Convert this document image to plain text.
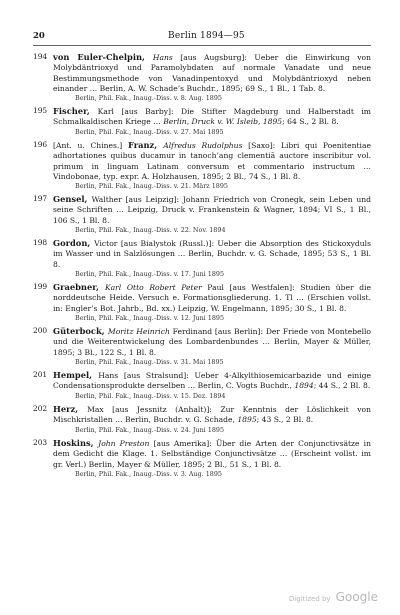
20	Berlin 1894—95
194 von Euler-Chelpin, Hans [aus Augsburg]: Ueber die Einwirkung von Molybdäntrioxyd und Paramolybdaten auf normale Vanadate und neue Bestimmungsmethode von Vanadinpentoxyd und Molybdäntrioxyd neben einander … Berlin, A. W. Schade’s Buchdr., 1895; 69 S., 1 Bl., 1 Tab. 8.
Berlin, Phil. Fak., Inaug.-Diss. v. 8. Aug. 1895
195 Fischer, Karl [aus Barby]: Die Stifter Magdeburg und Halberstadt im Schmalkaldischen Kriege … Berlin, Druck v. W. Isleib, 1895; 64 S., 2 Bl. 8.
Berlin, Phil. Fak., Inaug.-Diss. v. 27. Mai 1895
196 [Ant. u. Chines.] Franz, Alfredus Rudolphus [Saxo]: Libri qui Poenitentiae adhortationes quibus ducamur in tanoch’ang clementiā auctore inscribitur vol. primum in linguam Latinam conversum et commentario instructum … Vindobonae, typ. expr. A. Holzhausen, 1895; 2 Bl., 74 S., 1 Bl. 8.
Berlin, Phil. Fak., Inaug.-Diss. v. 21. März 1895
197 Gensel, Walther [aus Leipzig]: Johann Friedrich von Cronegk, sein Leben und seine Schriften … Leipzig, Druck v. Frankenstein & Wagner, 1894; VI S., 1 Bl., 106 S., 1 Bl. 8.
Berlin, Phil. Fak., Inaug.-Diss. v. 22. Nov. 1894
198 Gordon, Victor [aus Bialystok (Russl.)]: Ueber die Absorption des Stickoxyduls im Wasser und in Salzlösungen … Berlin, Buchdr. v. G. Schade, 1895; 53 S., 1 Bl. 8.
Berlin, Phil. Fak., Inaug.-Diss. v. 17. Juni 1895
199 Graebner, Karl Otto Robert Peter Paul [aus Westfalen]: Studien über die norddeutsche Heide. Versuch e. Formationsgliederung. 1. Tl … (Erschien vollst. in: Engler’s Bot. Jahrb., Bd. xx.) Leipzig, W. Engelmann, 1895; 30 S., 1 Bl. 8.
Berlin, Phil. Fak., Inaug.-Diss. v. 12. Juni 1895
200 Güterbock, Moritz Heinrich Ferdinand [aus Berlin]: Der Friede von Montebello und die Weiterentwickelung des Lombardenbundes … Berlin, Mayer & Müller, 1895; 3 Bl., 122 S., 1 Bl. 8.
Berlin, Phil. Fak., Inaug.-Diss. v. 31. Mai 1895
201 Hempel, Hans [aus Stralsund]: Ueber 4-Alkylthiosemicarbazide und einige Condensationsprodukte derselben … Berlin, C. Vogts Buchdr., 1894; 44 S., 2 Bl. 8.
Berlin, Phil. Fak., Inaug.-Diss. v. 15. Dez. 1894
202 Herz, Max [aus Jessnitz (Anhalt)]: Zur Kenntnis der Löslichkeit von Mischkristallen … Berlin, Buchdr. v. G. Schade, 1895; 43 S., 2 Bl. 8.
Berlin, Phil. Fak., Inaug.-Diss. v. 24. Juni 1895
203 Hoskins, John Preston [aus Amerika]: Über die Arten der Conjunctivsätze in dem Gedicht die Klage. 1. Selbständige Conjunctivsätze … (Erscheint vollst. im gr. Verl.) Berlin, Mayer & Müller, 1895; 2 Bl., 51 S., 1 Bl. 8.
Berlin, Phil. Fak., Inaug.-Diss. v. 3. Aug. 1895
Digitized by Google
